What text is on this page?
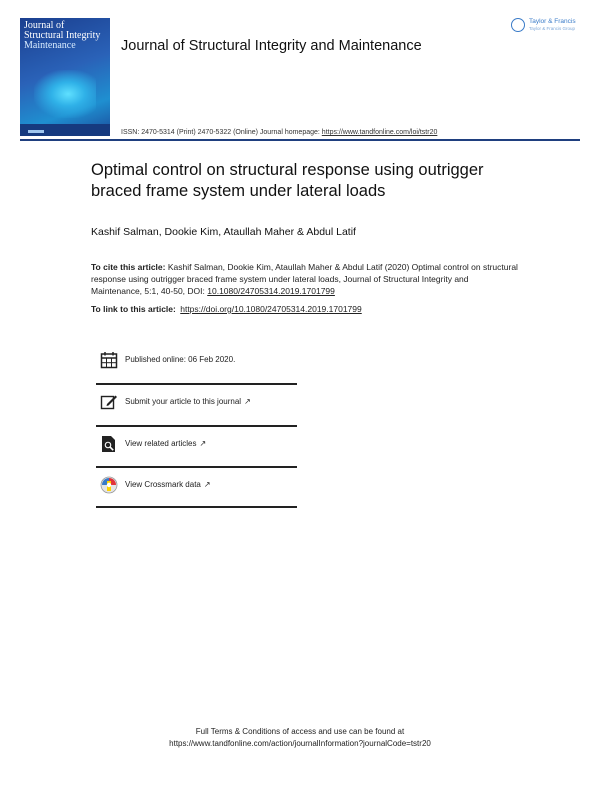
Journal of
Structural Integrity
Maintenance	Journal of Structural Integrity and Maintenance
Taylor & Francis
Taylor & Francis Group
ISSN: 2470-5314 (Print) 2470-5322 (Online) Journal homepage: https://www.tandfonline.com/loi/tstr20
Optimal control on structural response using outrigger braced frame system under lateral loads
Kashif Salman, Dookie Kim, Ataullah Maher & Abdul Latif
To cite this article: Kashif Salman, Dookie Kim, Ataullah Maher & Abdul Latif (2020) Optimal control on structural response using outrigger braced frame system under lateral loads, Journal of Structural Integrity and Maintenance, 5:1, 40-50, DOI: 10.1080/24705314.2019.1701799
To link to this article: https://doi.org/10.1080/24705314.2019.1701799
Published online: 06 Feb 2020.
Submit your article to this journal ↗
View related articles ↗
View Crossmark data ↗
Full Terms & Conditions of access and use can be found at
https://www.tandfonline.com/action/journalInformation?journalCode=tstr20
